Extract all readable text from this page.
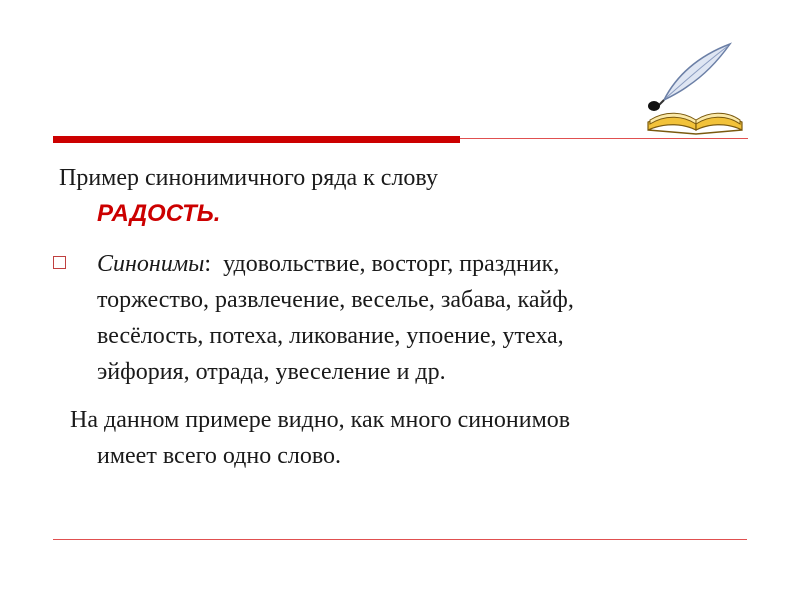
Пример синонимичного ряда к слову
РАДОСТЬ.
Синонимы:  удовольствие, восторг, праздник,
торжество, развлечение, веселье, забава, кайф,
весёлость, потеха, ликование, упоение, утеха,
эйфория, отрада, увеселение и др.
На данном примере видно, как много синонимов
имеет всего одно слово.
